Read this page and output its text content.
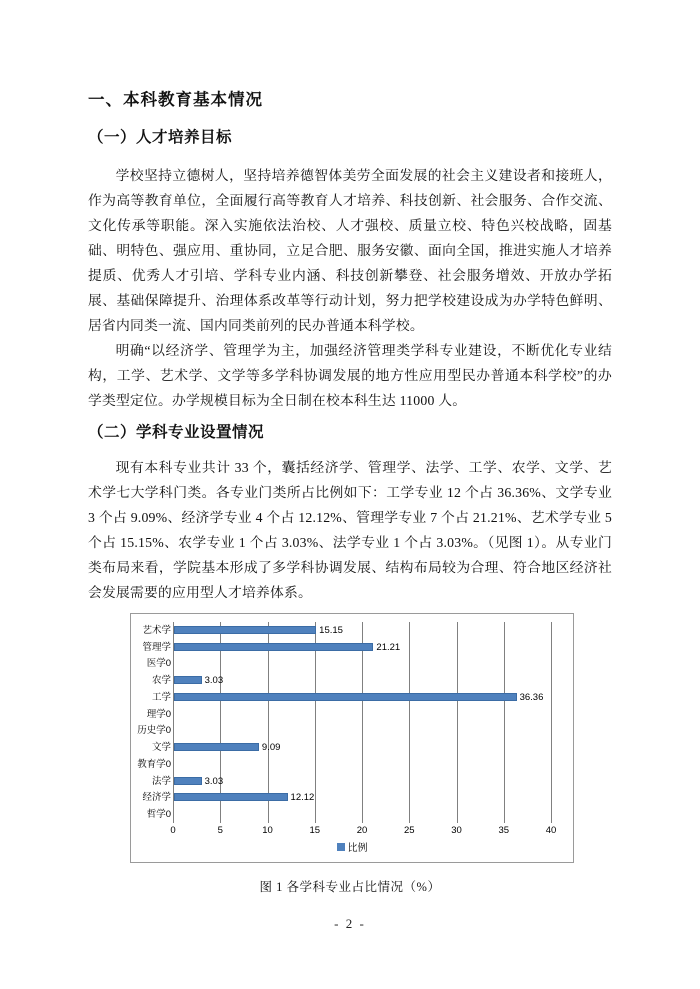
一、本科教育基本情况
（一）人才培养目标

学校坚持立德树人，坚持培养德智体美劳全面发展的社会主义建设者和接班人，作为高等教育单位，全面履行高等教育人才培养、科技创新、社会服务、合作交流、文化传承等职能。深入实施依法治校、人才强校、质量立校、特色兴校战略，固基础、明特色、强应用、重协同，立足合肥、服务安徽、面向全国，推进实施人才培养提质、优秀人才引培、学科专业内涵、科技创新攀登、社会服务增效、开放办学拓展、基础保障提升、治理体系改革等行动计划，努力把学校建设成为办学特色鲜明、居省内同类一流、国内同类前列的民办普通本科学校。

明确“以经济学、管理学为主，加强经济管理类学科专业建设，不断优化专业结构，工学、艺术学、文学等多学科协调发展的地方性应用型民办普通本科学校”的办学类型定位。办学规模目标为全日制在校本科生达 11000 人。

（二）学科专业设置情况

现有本科专业共计 33 个，囊括经济学、管理学、法学、工学、农学、文学、艺术学七大学科门类。各专业门类所占比例如下：工学专业 12 个占 36.36%、文学专业 3 个占 9.09%、经济学专业 4 个占 12.12%、管理学专业 7 个占 21.21%、艺术学专业 5 个占 15.15%、农学专业 1 个占 3.03%、法学专业 1 个占 3.03%。（见图 1）。从专业门类布局来看，学院基本形成了多学科协调发展、结构布局较为合理、符合地区经济社会发展需要的应用型人才培养体系。

比例
0	5	10	15	20	25	30	35	40
艺术学	15.15
管理学	21.21
医学0
农学	3.03
工学	36.36
理学0
历史学0
文学	9.09
教育学0
法学	3.03
经济学	12.12
哲学0
图 1 各学科专业占比情况（%）
- 2 -
